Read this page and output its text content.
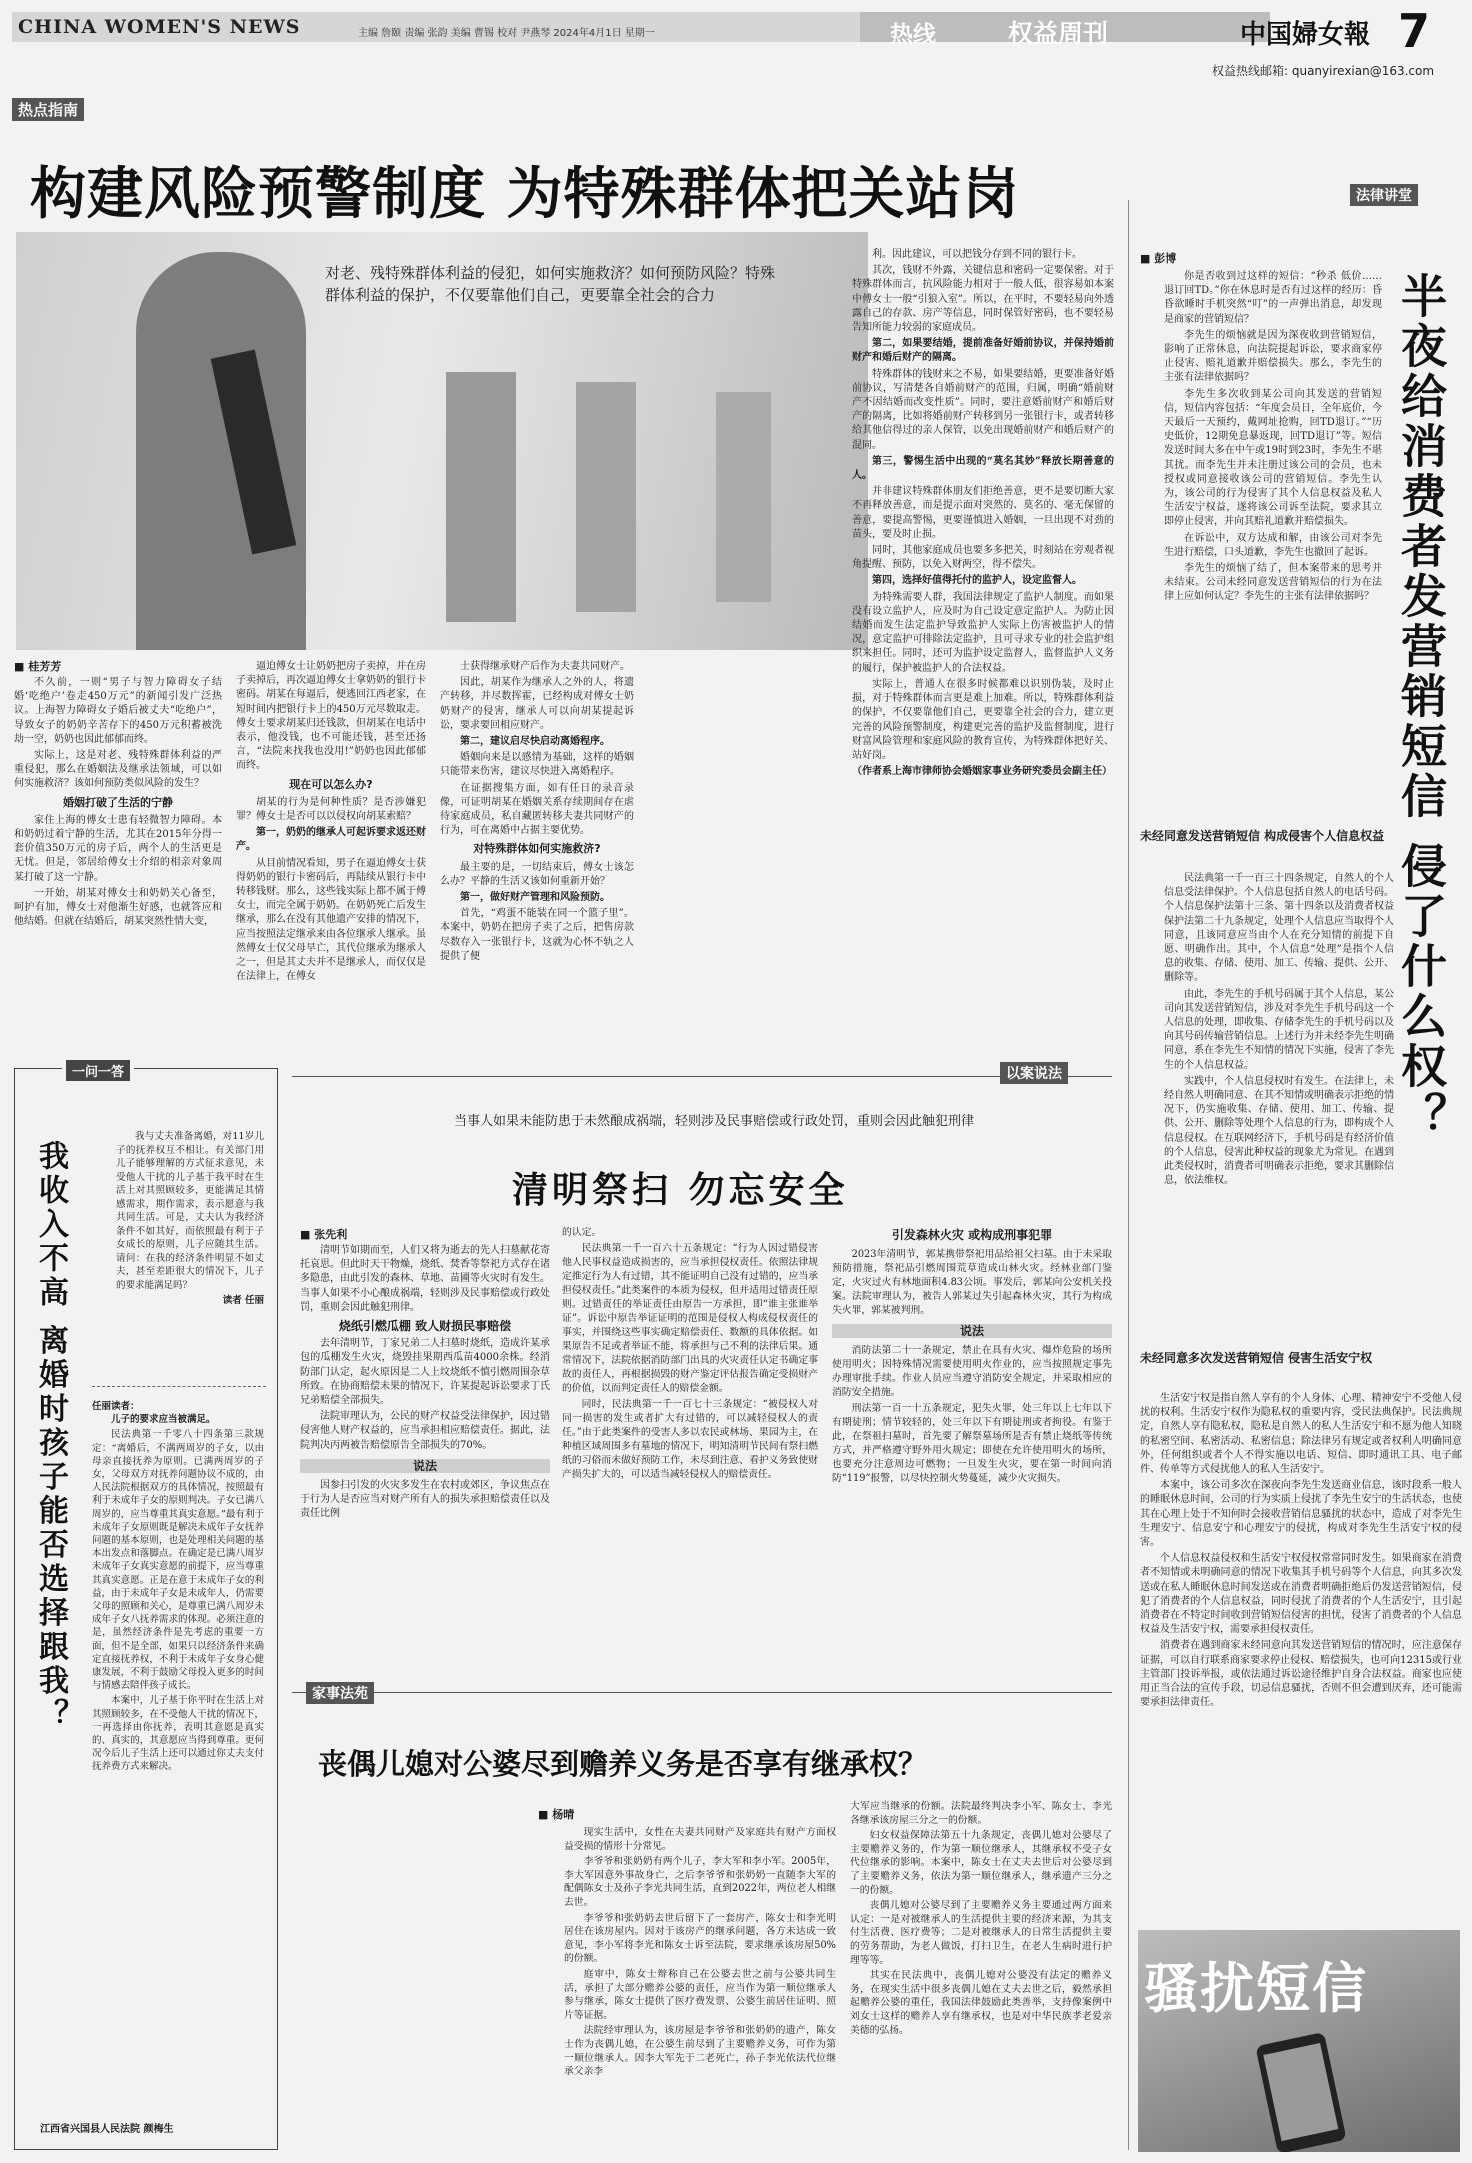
CHINA WOMEN'S NEWS	主编 詹颐 责编 张韵 美编 曹锡 校对 尹燕琴 2024年4月1日 星期一	热线	权益周刊	中国婦女報 7
权益热线邮箱: quanyirexian@163.com
热点指南
构建风险预警制度 为特殊群体把关站岗
对老、残特殊群体利益的侵犯，如何实施救济？如何预防风险？特殊群体利益的保护，不仅要靠他们自己，更要靠全社会的合力
■ 桂芳芳

不久前，一则“男子与智力障碍女子结婚‘吃绝户’卷走450万元”的新闻引发广泛热议。上海智力障碍女子婚后被丈夫“吃绝户”，导致女子的奶奶辛苦存下的450万元积蓄被洗劫一空，奶奶也因此郁郁而终。

实际上，这是对老、残特殊群体利益的严重侵犯，那么在婚姻法及继承法领域，可以如何实施救济？该如何预防类似风险的发生？

婚姻打破了生活的宁静

家住上海的傅女士患有轻微智力障碍。本和奶奶过着宁静的生活，尤其在2015年分得一套价值350万元的房子后，两个人的生活更是无忧。但是，邻居给傅女士介绍的相亲对象周某打破了这一宁静。

一开始，胡某对傅女士和奶奶关心备至，呵护有加，傅女士对他渐生好感，也就答应和他结婚。但就在结婚后，胡某突然性情大变，

逼迫傅女士让奶奶把房子卖掉，并在房子卖掉后，再次逼迫傅女士拿奶奶的银行卡密码。胡某在每逼后，便逃回江西老家，在短时间内把银行卡上的450万元尽数取走。傅女士要求胡某归还钱款，但胡某在电话中表示，他没钱，也不可能还钱，甚至还扬言，“法院来找我也没用!”奶奶也因此郁郁而终。

现在可以怎么办?

胡某的行为是何种性质？是否涉嫌犯罪？傅女士是否可以以侵权向胡某索赔？

第一，奶奶的继承人可起诉要求返还财产。

从目前情况看知，男子在逼迫傅女士获得奶奶的银行卡密码后，再陆续从银行卡中转移钱财。那么，这些钱实际上都不属于傅女士，而完全属于奶奶。在奶奶死亡后发生继承，那么在没有其他遗产安排的情况下，应当按照法定继承来由各位继承人继承。虽然傅女士仅父母早亡，其代位继承为继承人之一，但是其丈夫并不是继承人，而仅仅是在法律上，在傅女

士获得继承财产后作为夫妻共同财产。

因此，胡某作为继承人之外的人，将遗产转移，并尽数挥霍，已经构成对傅女士奶奶财产的侵害，继承人可以向胡某提起诉讼，要求要回相应财产。

第二，建议启尽快启动离婚程序。

婚姻向来是以感情为基础，这样的婚姻只能带来伤害，建议尽快进入离婚程序。

在证据搜集方面，如有任日的录音录像，可证明胡某在婚姻关系存续期间存在虐待家庭成员，私自藏匿转移夫妻共同财产的行为，可在离婚中占据主要优势。

对特殊群体如何实施救济?

最主要的是，一切结束后，傅女士该怎么办？平静的生活又该如何重新开始？

第一，做好财产管理和风险预防。

首先，“鸡蛋不能装在同一个篮子里”。本案中，奶奶在把房子卖了之后，把售房款尽数存入一张银行卡，这就为心怀不轨之人提供了便

利。因此建议，可以把钱分存到不同的银行卡。

其次，钱财不外露，关键信息和密码一定要保密。对于特殊群体而言，抗风险能力相对于一般人低，很容易如本案中傅女士一般“引狼入室”。所以，在平时，不要轻易向外透露自己的存款、房产等信息，同时保管好密码，也不要轻易告知所能力较弱的家庭成员。

第二，如果要结婚，提前准备好婚前协议，并保持婚前财产和婚后财产的隔离。

特殊群体的钱财来之不易，如果要结婚，更要准备好婚前协议，写清楚各自婚前财产的范围，归属，明确“婚前财产不因结婚而改变性质”。同时，要注意婚前财产和婚后财产的隔离，比如将婚前财产转移到另一张银行卡，或者转移给其他信得过的亲人保管，以免出现婚前财产和婚后财产的混同。

第三，警惕生活中出现的“莫名其妙”释放长期善意的人。

并非建议特殊群体朋友们拒绝善意，更不是要切断大家不再释放善意，而是提示面对突然的、莫名的、毫无保留的善意，要提高警惕，更要谨慎进入婚姻，一旦出现不对劲的苗头，要及时止损。

同时，其他家庭成员也要多多把关，时刻站在旁观者视角提醒、预防，以免入财两空，得不偿失。

第四，选择好值得托付的监护人，设定监督人。

为特殊需要人群，我国法律规定了监护人制度。而如果没有设立监护人，应及时为自己设定意定监护人。为防止因结婚而发生法定监护导致监护人实际上伤害被监护人的情况，意定监护可排除法定监护，且可寻求专业的社会监护组织来担任。同时，还可为监护设定监督人，监督监护人义务的履行，保护被监护人的合法权益。

实际上，普通人在很多时候都难以识别伪装，及时止损，对于特殊群体而言更是难上加难。所以，特殊群体利益的保护，不仅要靠他们自己，更要靠全社会的合力，建立更完善的风险预警制度，构建更完善的监护及监督制度，进行财富风险管理和家庭风险的教育宣传，为特殊群体把好关、站好岗。

（作者系上海市律师协会婚姻家事业务研究委员会副主任）

法律讲堂
半夜给消费者发营销短信 侵了什么权？
■ 彭博

你是否收到过这样的短信：“秒杀 低价……退订回TD。”你在休息时是否有过这样的经历：昏昏欲睡时手机突然“叮”的一声弹出消息，却发现是商家的营销短信？

李先生的烦恼就是因为深夜收到营销短信，影响了正常休息，向法院提起诉讼，要求商家停止侵害、赔礼道歉并赔偿损失。那么，李先生的主张有法律依据吗？

李先生多次收到某公司向其发送的营销短信，短信内容包括：“年度会员日，全年底价，今天最后一天预约，戴网址抢购，回TD退订。”“历史低价，12期免息暴返现，回TD退订”等。短信发送时间大多在中午或19时到23时，李先生不堪其扰。而李先生并未注册过该公司的会员，也未授权或同意接收该公司的营销短信。李先生认为，该公司的行为侵害了其个人信息权益及私人生活安宁权益，遂将该公司诉至法院，要求其立即停止侵害，并向其赔礼道歉并赔偿损失。

在诉讼中，双方达成和解，由该公司对李先生进行赔偿，口头道歉，李先生也撤回了起诉。

李先生的烦恼了结了，但本案带来的思考并未结束。公司未经同意发送营销短信的行为在法律上应如何认定？李先生的主张有法律依据吗？

未经同意发送营销短信 构成侵害个人信息权益

民法典第一千一百三十四条规定，自然人的个人信息受法律保护。个人信息包括自然人的电话号码。个人信息保护法第十三条、第十四条以及消费者权益保护法第二十九条规定，处理个人信息应当取得个人同意，且该同意应当由个人在充分知情的前提下自愿、明确作出。其中，个人信息“处理”是指个人信息的收集、存储、使用、加工、传输、提供、公开、删除等。

由此，李先生的手机号码属于其个人信息，某公司向其发送营销短信，涉及对李先生手机号码这一个人信息的处理，即收集、存储李先生的手机号码以及向其号码传输营销信息。上述行为并未经李先生明确同意，系在李先生不知情的情况下实施，侵害了李先生的个人信息权益。

实践中，个人信息侵权时有发生。在法律上，未经自然人明确同意、在其不知情或明确表示拒绝的情况下，仍实施收集、存储、使用、加工、传输、提供、公开、删除等处理个人信息的行为，即构成个人信息侵权。在互联网经济下，手机号码是有经济价值的个人信息，侵害此种权益的现象尤为常见。在遇到此类侵权时，消费者可明确表示拒绝，要求其删除信息，依法维权。

未经同意多次发送营销短信 侵害生活安宁权

生活安宁权是指自然人享有的个人身体、心理、精神安宁不受他人侵扰的权利。生活安宁权作为隐私权的重要内容，受民法典保护。民法典规定，自然人享有隐私权，隐私是自然人的私人生活安宁和不愿为他人知晓的私密空间、私密活动、私密信息；除法律另有规定或者权利人明确同意外，任何组织或者个人不得实施以电话、短信、即时通讯工具、电子邮件、传单等方式侵扰他人的私人生活安宁。

本案中，该公司多次在深夜向李先生发送商业信息，该时段系一般人的睡眠休息时间，公司的行为实质上侵扰了李先生安宁的生活状态，也使其在心理上处于不知何时会接收营销信息骚扰的状态中，造成了对李先生生理安宁、信息安宁和心理安宁的侵扰，构成对李先生生活安宁权的侵害。

个人信息权益侵权和生活安宁权侵权常常同时发生。如果商家在消费者不知情或未明确同意的情况下收集其手机号码等个人信息，向其多次发送或在私人睡眠休息时间发送或在消费者明确拒绝后仍发送营销短信，侵犯了消费者的个人信息权益，同时侵扰了消费者的个人生活安宁，且引起消费者在不特定时间收到营销短信侵害的担忧，侵害了消费者的个人信息权益及生活安宁权，需要承担侵权责任。

消费者在遇到商家未经同意向其发送营销短信的情况时，应注意保存证据，可以自行联系商家要求停止侵权、赔偿损失，也可向12315或行业主管部门投诉举报，或依法通过诉讼途径维护自身合法权益。商家也应使用正当合法的宣传手段，切忌信息骚扰，否则不但会遭到厌弃，还可能需要承担法律责任。

骚扰短信
一问一答
我收入不高 离婚时孩子能否选择跟我？

我与丈夫准备离婚，对11岁儿子的抚养权互不相让。有关部门用儿子能够理解的方式征求意见，未受他人干扰的儿子基于我平时在生活上对其照顾较多，更能满足其情感需求，期作需求，表示愿意与我共同生活。可是，丈夫认为我经济条件不如其好，而依照最有利于子女成长的原则，儿子应随其生活。请问：在我的经济条件明显不如丈夫，甚至差距很大的情况下，儿子的要求能满足吗？

读者 任丽
任丽读者：

儿子的要求应当被满足。

民法典第一千零八十四条第三款规定：“离婚后，不满两周岁的子女，以由母亲直接抚养为原则。已满两周岁的子女，父母双方对抚养问题协议不成的，由人民法院根据双方的具体情况，按照最有利于未成年子女的原则判决。子女已满八周岁的，应当尊重其真实意愿。”最有利于未成年子女原则既是解决未成年子女抚养问题的基本原则，也是处理相关问题的基本出发点和落脚点。在确定是已满八周岁未成年子女真实意愿的前提下，应当尊重其真实意愿。正是在意于未成年子女的利益，由于未成年子女是未成年人，仍需要父母的照顾和关心，是尊重已满八周岁未成年子女八抚养需求的体现。必须注意的是，虽然经济条件是先考虑的重要一方面，但不是全部，如果只以经济条件来确定直接抚养权，不利于未成年子女身心健康发展，不利于鼓励父母投入更多的时间与情感去陪伴孩子成长。

本案中，儿子基于你平时在生活上对其照顾较多，在不受他人干扰的情况下，一再选择由你抚养，表明其意愿是真实的、真实的，其意愿应当得到尊重。更何况今后儿子生活上还可以通过你丈夫支付抚养费方式来解决。

江西省兴国县人民法院 颜梅生
以案说法
当事人如果未能防患于未然酿成祸端，轻则涉及民事赔偿或行政处罚，重则会因此触犯刑律
清明祭扫 勿忘安全
■ 张先利

清明节如期而至，人们又将为逝去的先人扫墓献花寄托哀思。但此时天干物燥，烧纸、焚香等祭祀方式存在诸多隐患，由此引发的森林、草地、苗圃等火灾时有发生。当事人如果不小心酿成祸端，轻则涉及民事赔偿或行政处罚，重则会因此触犯刑律。

烧纸引燃瓜棚 致人财损民事赔偿

去年清明节，丁家兄弟二人扫墓时烧纸，造成许某承包的瓜棚发生火灾，烧毁挂果期西瓜苗4000余株。经消防部门认定，起火原因是二人上坟烧纸不慎引燃周围杂草所致。在协商赔偿未果的情况下，许某提起诉讼要求丁氏兄弟赔偿全部损失。

法院审理认为，公民的财产权益受法律保护，因过错侵害他人财产权益的，应当承担相应赔偿责任。据此，法院判决丙两被告赔偿原告全部损失的70%。

说法

因参扫引发的火灾多发生在农村或郊区，争议焦点在于行为人是否应当对财产所有人的损失承担赔偿责任以及责任比例

的认定。

民法典第一千一百六十五条规定：“行为人因过错侵害他人民事权益造成损害的，应当承担侵权责任。依照法律规定推定行为人有过错，其不能证明自己没有过错的，应当承担侵权责任。”此类案件的本质为侵权，但并适用过错责任原则。过错责任的举证责任由原告一方承担，即“谁主张谁举证”。诉讼中原告举证证明的范围是侵权人构成侵权责任的事实，并围绕这些事实确定赔偿责任、数额的具体依据。如果原告不足或者举证不能，将承担与己不利的法律后果。通常情况下，法院依据消防部门出具的火灾责任认定书确定事故的责任人，再根据损毁的财产鉴定评估报告确定受损财产的价值，以而判定责任人的赔偿金额。

同时，民法典第一千一百七十三条规定：“被侵权人对同一损害的发生或者扩大有过错的，可以减轻侵权人的责任。”由于此类案件的受害人多以农民或林场、果园为主，在种植区域周围多有墓地的情况下，明知清明节民间有祭扫燃纸的习俗而未做好预防工作，未尽到注意、看护义务致使财产损失扩大的，可以适当减轻侵权人的赔偿责任。

引发森林火灾 或构成刑事犯罪

2023年清明节，郭某携带祭祀用品给祖父扫墓。由于未采取预防措施，祭祀品引燃周围荒草造成山林火灾。经林业部门鉴定，火灾过火有林地面积4.83公顷。事发后，郭某向公安机关投案。法院审理认为，被告人郭某过失引起森林火灾，其行为构成失火罪，郭某被判刑。

说法

消防法第二十一条规定，禁止在具有火灾、爆炸危险的场所使用明火；因特殊情况需要使用明火作业的，应当按照规定事先办理审批手续。作业人员应当遵守消防安全规定，并采取相应的消防安全措施。

刑法第一百一十五条规定，犯失火罪，处三年以上七年以下有期徒刑；情节较轻的，处三年以下有期徒刑或者拘役。有鉴于此，在祭祖扫墓时，首先要了解祭墓场所是否有禁止烧纸等传统方式，并严格遵守野外用火规定；即使在允许使用明火的场所，也要充分注意周边可燃物；一旦发生火灾，要在第一时间向消防“119”报警，以尽快控制火势蔓延，减少火灾损失。

家事法苑
丧偶儿媳对公婆尽到赡养义务是否享有继承权？
■ 杨晴

现实生活中，女性在夫妻共同财产及家庭共有财产方面权益受损的情形十分常见。

李爷爷和张奶奶有两个儿子，李大军和李小军。2005年，李大军因意外事故身亡，之后李爷爷和张奶奶一直随李大军的配偶陈女士及孙子李光共同生活，直到2022年，两位老人相继去世。

李爷爷和张奶奶去世后留下了一套房产，陈女士和李光明居住在该房屋内。因对于该房产的继承问题，各方未达成一致意见，李小军将李光和陈女士诉至法院，要求继承该房屋50%的份额。

庭审中，陈女士辩称自己在公婆去世之前与公婆共同生活，承担了大部分赡养公婆的责任，应当作为第一顺位继承人参与继承，陈女士提供了医疗费发票、公婆生前居住证明、照片等证据。

法院经审理认为，该房屋是李爷爷和张奶奶的遗产，陈女士作为丧偶儿媳，在公婆生前尽到了主要赡养义务，可作为第一顺位继承人。因李大军先于二老死亡，孙子李光依法代位继承父亲李

大军应当继承的份额。法院最终判决李小军、陈女士、李光各继承该房屋三分之一的份额。

妇女权益保障法第五十九条规定，丧偶儿媳对公婆尽了主要赡养义务的，作为第一顺位继承人，其继承权不受子女代位继承的影响。本案中，陈女士在丈夫去世后对公婆尽到了主要赡养义务，依法为第一顺位继承人，继承遗产三分之一的份额。

丧偶儿媳对公婆尽到了主要赡养义务主要通过两方面来认定：一是对被继承人的生活提供主要的经济来源，为其支付生活费、医疗费等；二是对被继承人的日常生活提供主要的劳务帮助，为老人做饭，打扫卫生，在老人生病时进行护理等等。

其实在民法典中，丧偶儿媳对公婆没有法定的赡养义务，在现实生活中很多丧偶儿媳在丈夫去世之后，毅然承担起赡养公婆的重任，我国法律鼓励此类善举，支持像案例中刘女士这样的赡养人享有继承权，也是对中华民族孝老爱亲美德的弘扬。
